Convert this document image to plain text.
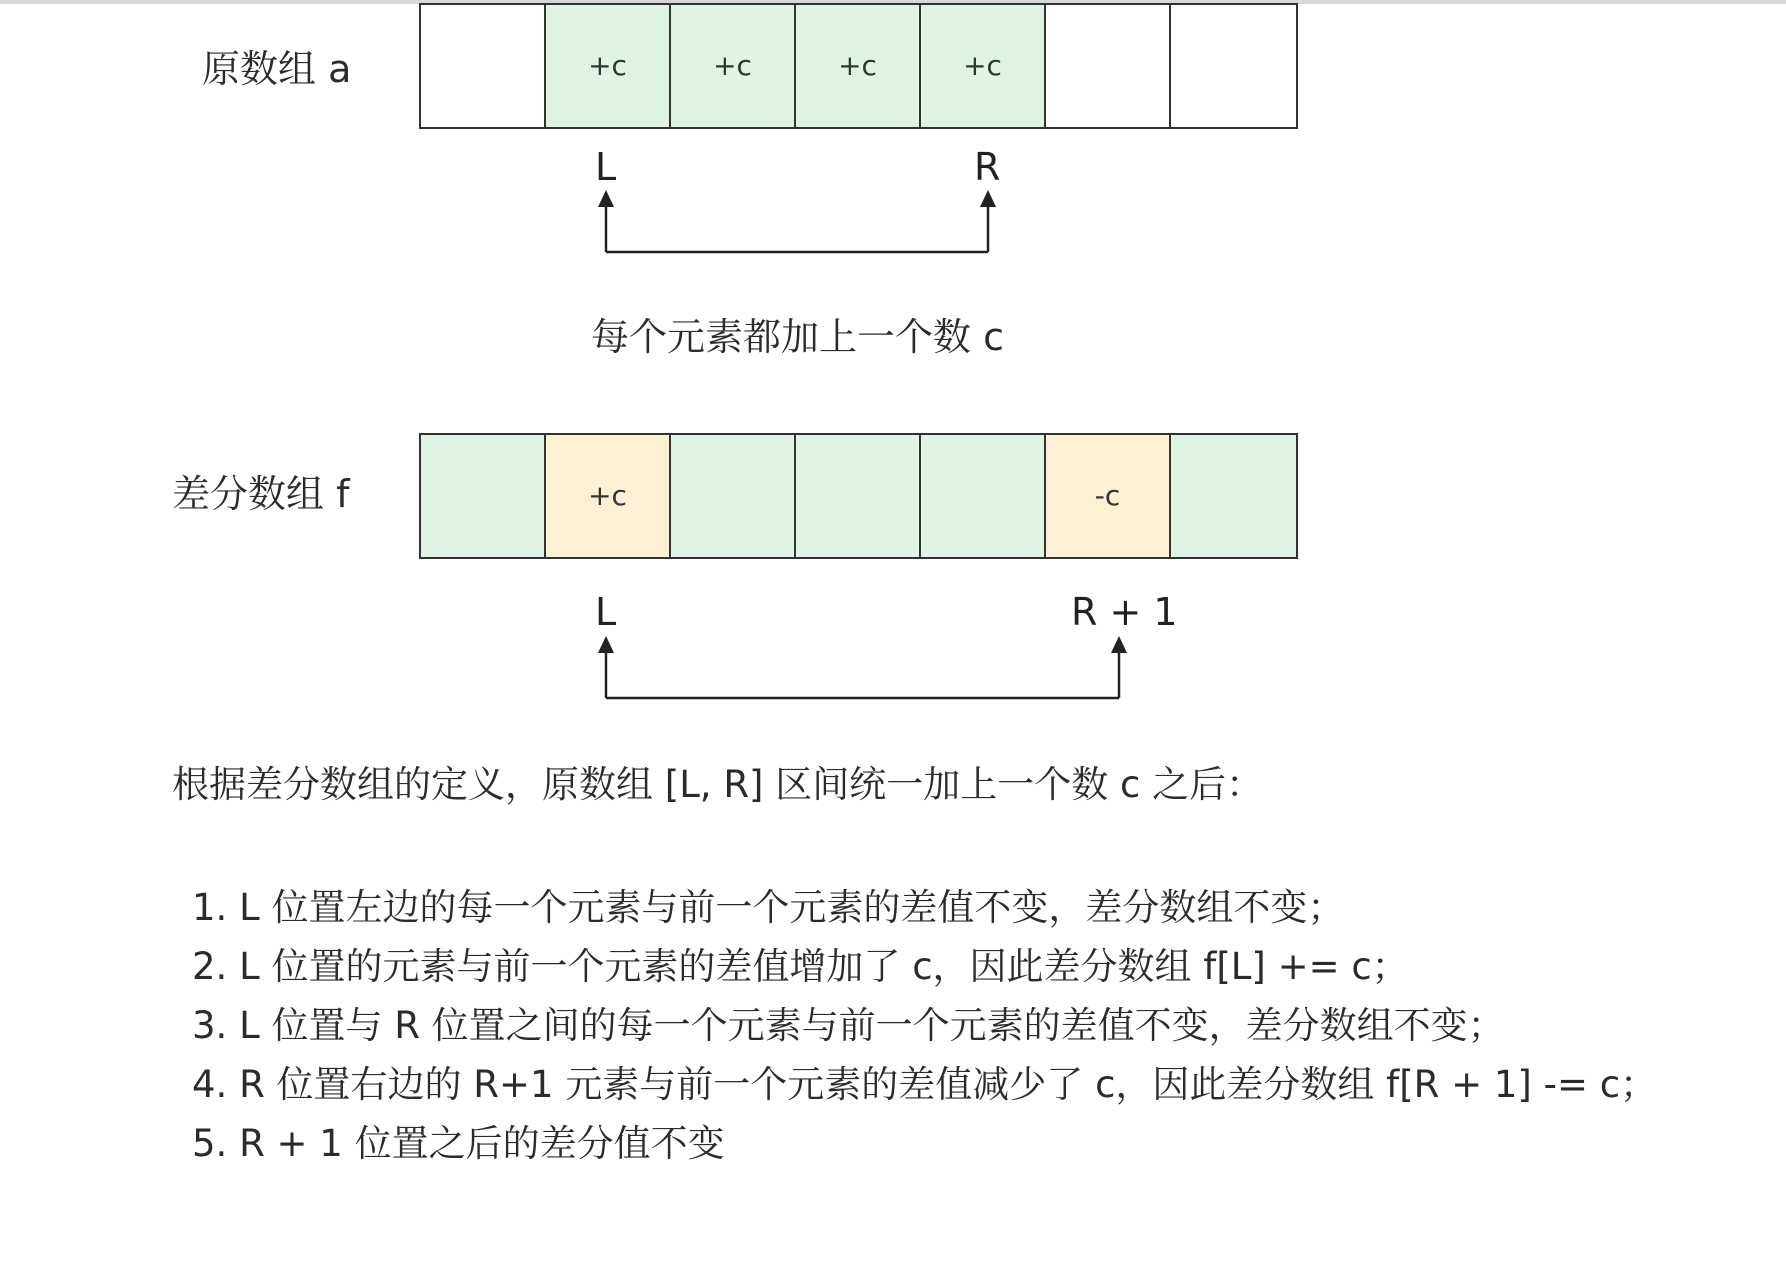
原数组 a	+c	+c	+c	+c
L	R
每个元素都加上一个数 c
差分数组 f	+c	-c
L	R + 1
根据差分数组的定义，原数组 [L, R] 区间统一加上一个数 c 之后：
1. L 位置左边的每一个元素与前一个元素的差值不变，差分数组不变；
2. L 位置的元素与前一个元素的差值增加了 c，因此差分数组 f[L] += c；
3. L 位置与 R 位置之间的每一个元素与前一个元素的差值不变，差分数组不变；
4. R 位置右边的 R+1 元素与前一个元素的差值减少了 c，因此差分数组 f[R + 1] -= c；
5. R + 1 位置之后的差分值不变
